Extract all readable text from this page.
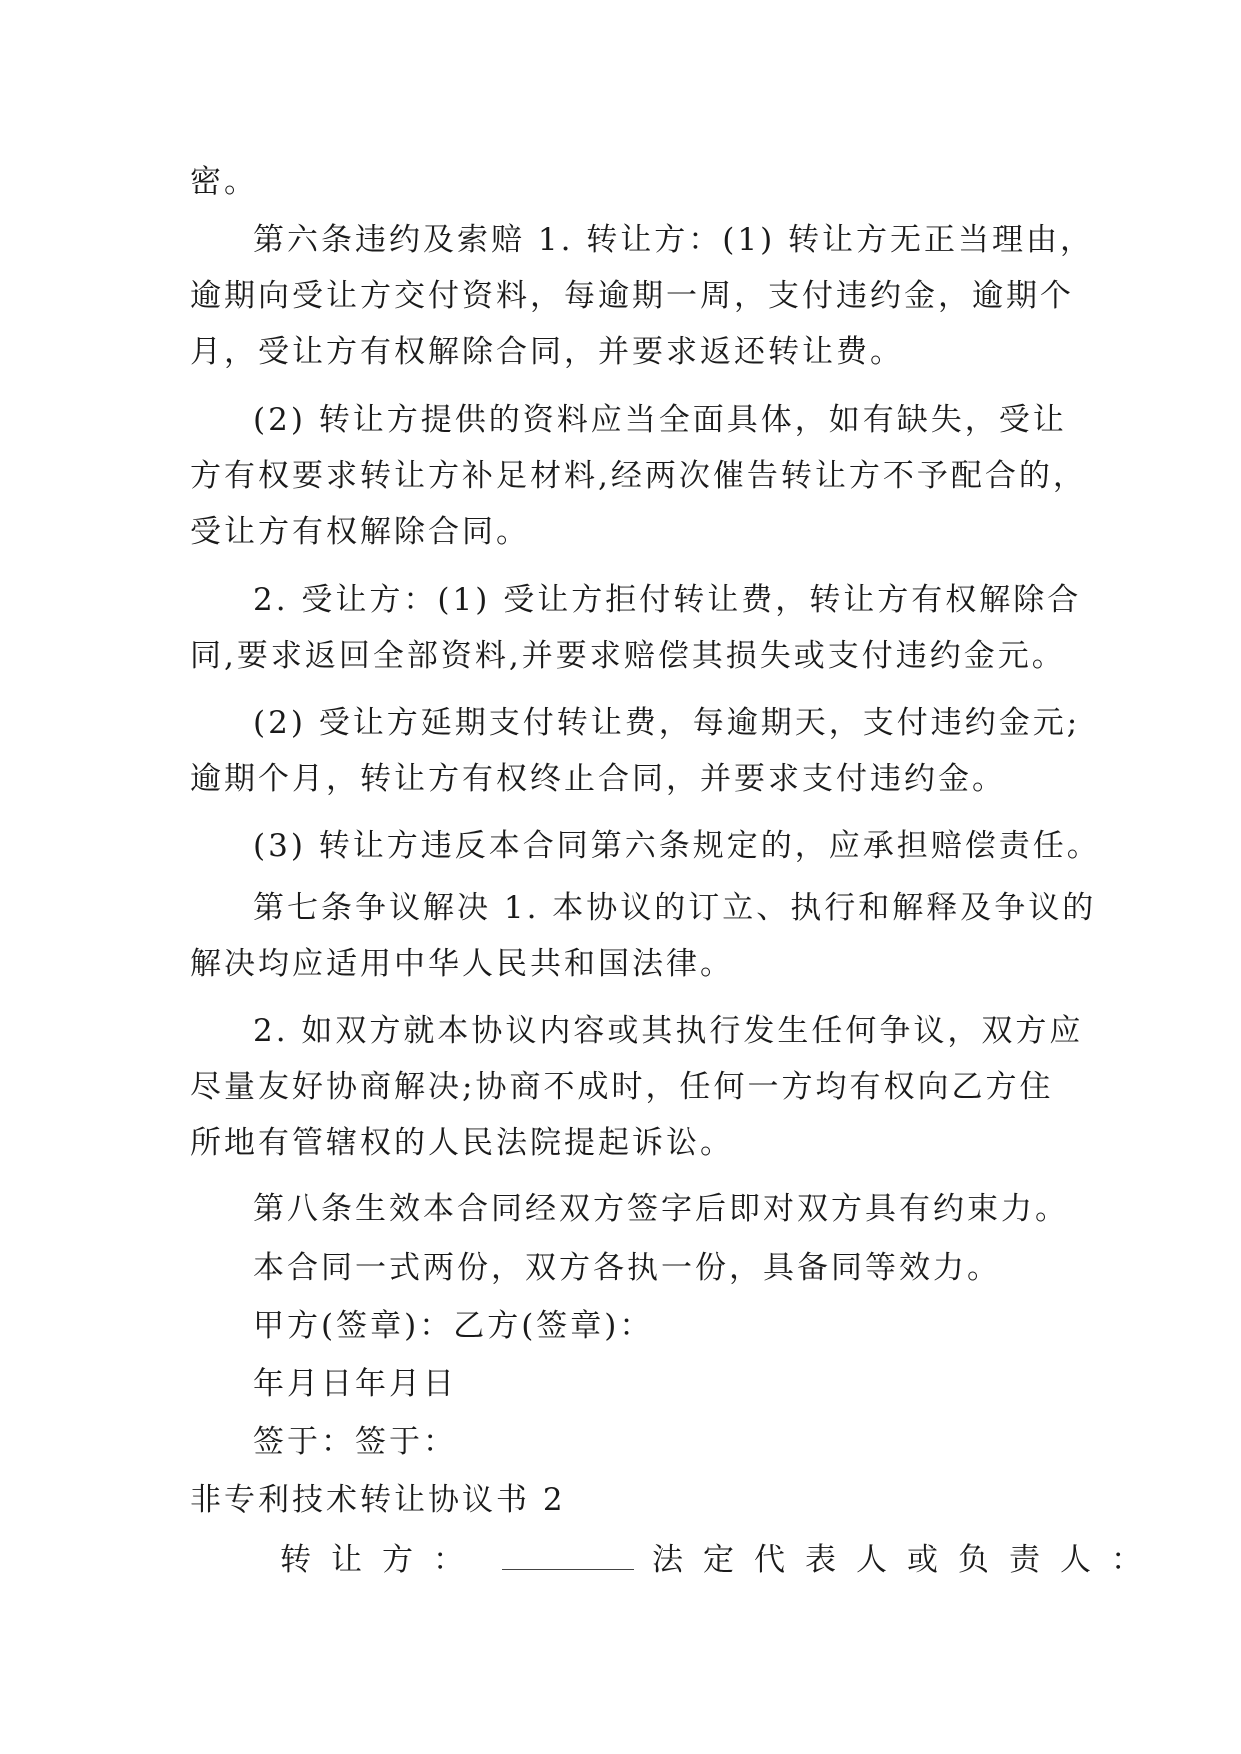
密。

第六条违约及索赔 1. 转让方：(1) 转让方无正当理由，
逾期向受让方交付资料，每逾期一周，支付违约金，逾期个
月，受让方有权解除合同，并要求返还转让费。

(2) 转让方提供的资料应当全面具体，如有缺失，受让
方有权要求转让方补足材料,经两次催告转让方不予配合的，
受让方有权解除合同。

2. 受让方：(1) 受让方拒付转让费，转让方有权解除合
同,要求返回全部资料,并要求赔偿其损失或支付违约金元。

(2) 受让方延期支付转让费，每逾期天，支付违约金元;
逾期个月，转让方有权终止合同，并要求支付违约金。

(3) 转让方违反本合同第六条规定的，应承担赔偿责任。

第七条争议解决 1. 本协议的订立、执行和解释及争议的
解决均应适用中华人民共和国法律。

2. 如双方就本协议内容或其执行发生任何争议，双方应
尽量友好协商解决;协商不成时，任何一方均有权向乙方住
所地有管辖权的人民法院提起诉讼。

第八条生效本合同经双方签字后即对双方具有约束力。

本合同一式两份，双方各执一份，具备同等效力。

甲方(签章)：乙方(签章)：

年月日年月日

签于：签于：

非专利技术转让协议书 2

转让方：	法定代表人或负责人：
